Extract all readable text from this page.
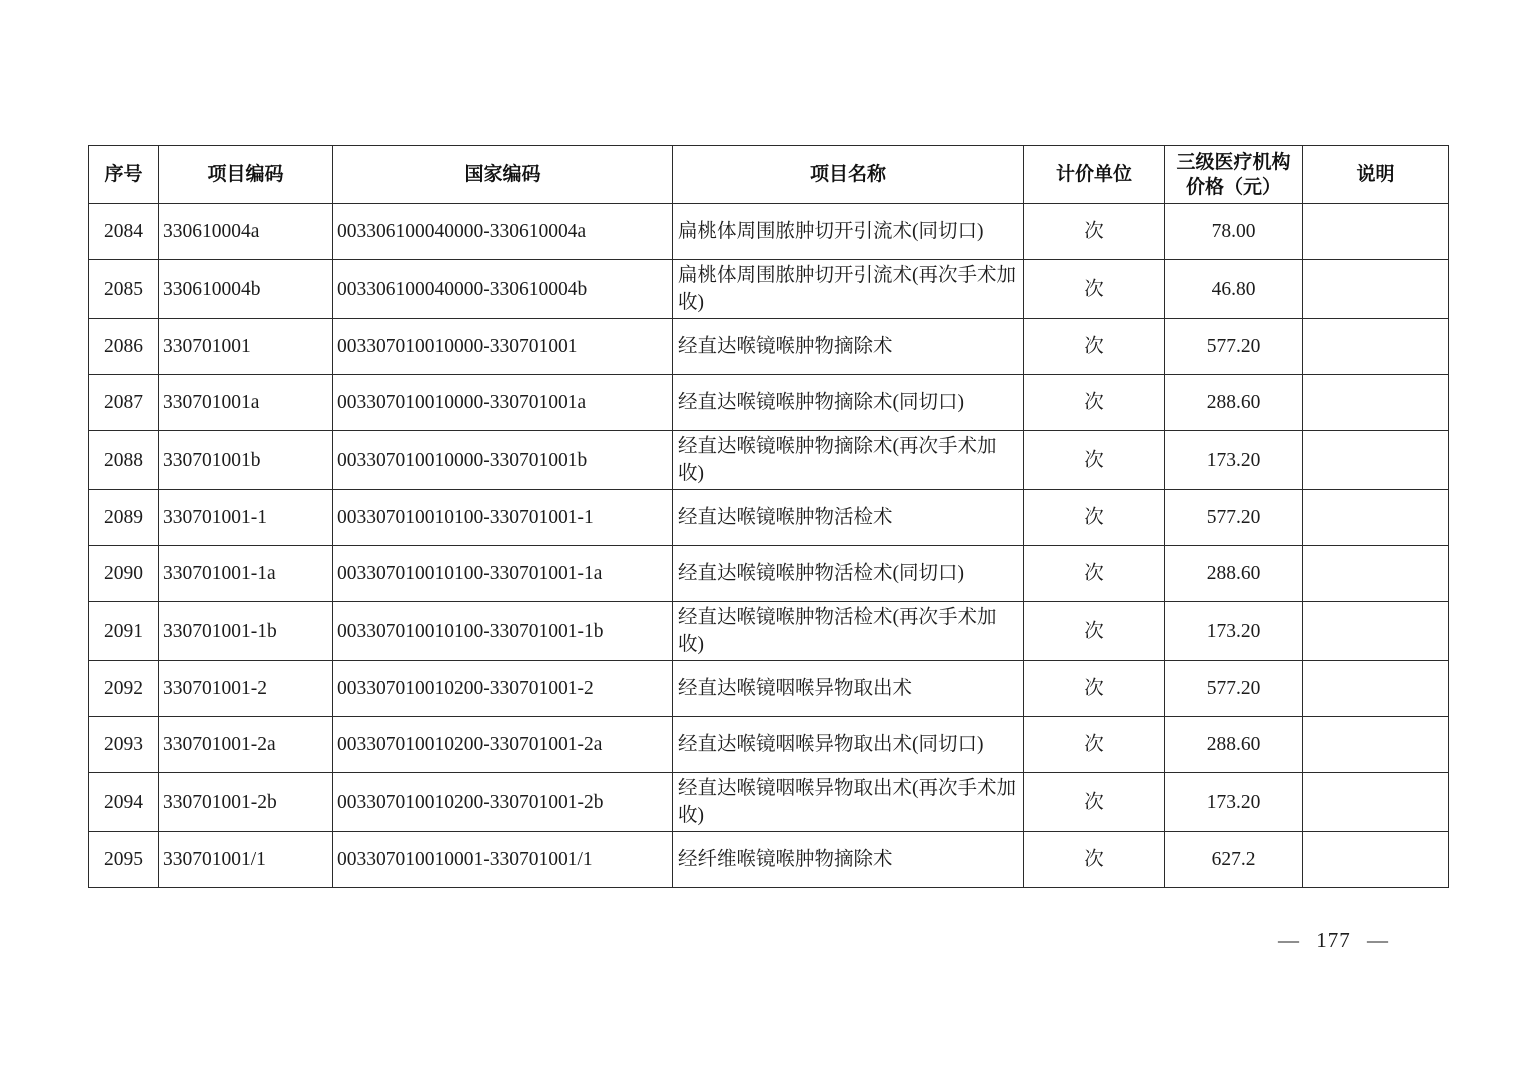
序号	项目编码	国家编码	项目名称	计价单位	三级医疗机构价格（元）	说明
2084	330610004a	003306100040000-330610004a	扁桃体周围脓肿切开引流术(同切口)	次	78.00	
2085	330610004b	003306100040000-330610004b	扁桃体周围脓肿切开引流术(再次手术加收)	次	46.80	
2086	330701001	003307010010000-330701001	经直达喉镜喉肿物摘除术	次	577.20	
2087	330701001a	003307010010000-330701001a	经直达喉镜喉肿物摘除术(同切口)	次	288.60	
2088	330701001b	003307010010000-330701001b	经直达喉镜喉肿物摘除术(再次手术加收)	次	173.20	
2089	330701001-1	003307010010100-330701001-1	经直达喉镜喉肿物活检术	次	577.20	
2090	330701001-1a	003307010010100-330701001-1a	经直达喉镜喉肿物活检术(同切口)	次	288.60	
2091	330701001-1b	003307010010100-330701001-1b	经直达喉镜喉肿物活检术(再次手术加收)	次	173.20	
2092	330701001-2	003307010010200-330701001-2	经直达喉镜咽喉异物取出术	次	577.20	
2093	330701001-2a	003307010010200-330701001-2a	经直达喉镜咽喉异物取出术(同切口)	次	288.60	
2094	330701001-2b	003307010010200-330701001-2b	经直达喉镜咽喉异物取出术(再次手术加收)	次	173.20	
2095	330701001/1	003307010010001-330701001/1	经纤维喉镜喉肿物摘除术	次	627.2	
— 177 —
